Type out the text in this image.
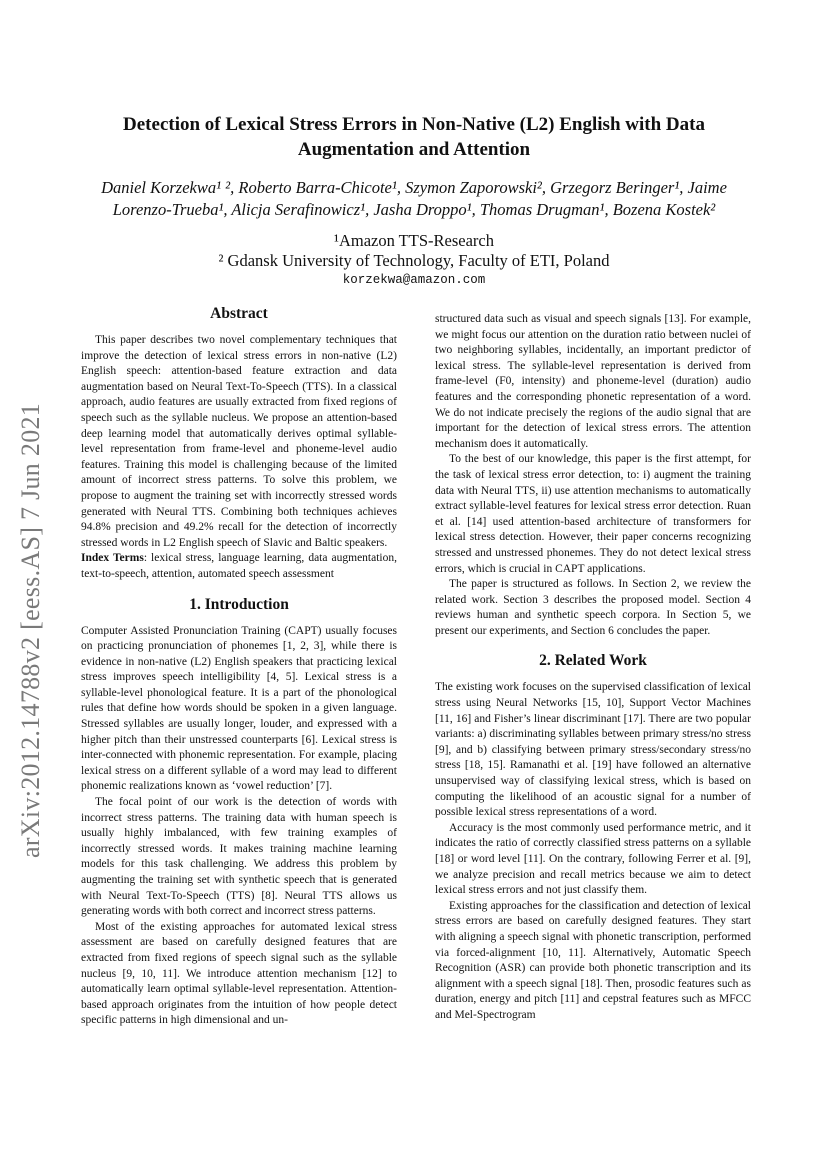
arXiv:2012.14788v2 [eess.AS] 7 Jun 2021
Detection of Lexical Stress Errors in Non-Native (L2) English with Data Augmentation and Attention
Daniel Korzekwa¹ ², Roberto Barra-Chicote¹, Szymon Zaporowski², Grzegorz Beringer¹, Jaime
Lorenzo-Trueba¹, Alicja Serafinowicz¹, Jasha Droppo¹, Thomas Drugman¹, Bozena Kostek²
¹Amazon TTS-Research
² Gdansk University of Technology, Faculty of ETI, Poland
korzekwa@amazon.com
Abstract

This paper describes two novel complementary techniques that improve the detection of lexical stress errors in non-native (L2) English speech: attention-based feature extraction and data augmentation based on Neural Text-To-Speech (TTS). In a classical approach, audio features are usually extracted from fixed regions of speech such as the syllable nucleus. We propose an attention-based deep learning model that automatically derives optimal syllable-level representation from frame-level and phoneme-level audio features. Training this model is challenging because of the limited amount of incorrect stress patterns. To solve this problem, we propose to augment the training set with incorrectly stressed words generated with Neural TTS. Combining both techniques achieves 94.8% precision and 49.2% recall for the detection of incorrectly stressed words in L2 English speech of Slavic and Baltic speakers.

Index Terms: lexical stress, language learning, data augmentation, text-to-speech, attention, automated speech assessment

1. Introduction

Computer Assisted Pronunciation Training (CAPT) usually focuses on practicing pronunciation of phonemes [1, 2, 3], while there is evidence in non-native (L2) English speakers that practicing lexical stress improves speech intelligibility [4, 5]. Lexical stress is a syllable-level phonological feature. It is a part of the phonological rules that define how words should be spoken in a given language. Stressed syllables are usually longer, louder, and expressed with a higher pitch than their unstressed counterparts [6]. Lexical stress is inter-connected with phonemic representation. For example, placing lexical stress on a different syllable of a word may lead to different phonemic realizations known as ‘vowel reduction’ [7].

The focal point of our work is the detection of words with incorrect stress patterns. The training data with human speech is usually highly imbalanced, with few training examples of incorrectly stressed words. It makes training machine learning models for this task challenging. We address this problem by augmenting the training set with synthetic speech that is generated with Neural Text-To-Speech (TTS) [8]. Neural TTS allows us generating words with both correct and incorrect stress patterns.

Most of the existing approaches for automated lexical stress assessment are based on carefully designed features that are extracted from fixed regions of speech signal such as the syllable nucleus [9, 10, 11]. We introduce attention mechanism [12] to automatically learn optimal syllable-level representation. Attention-based approach originates from the intuition of how people detect specific patterns in high dimensional and un-

structured data such as visual and speech signals [13]. For example, we might focus our attention on the duration ratio between nuclei of two neighboring syllables, incidentally, an important predictor of lexical stress. The syllable-level representation is derived from frame-level (F0, intensity) and phoneme-level (duration) audio features and the corresponding phonetic representation of a word. We do not indicate precisely the regions of the audio signal that are important for the detection of lexical stress errors. The attention mechanism does it automatically.

To the best of our knowledge, this paper is the first attempt, for the task of lexical stress error detection, to: i) augment the training data with Neural TTS, ii) use attention mechanisms to automatically extract syllable-level features for lexical stress error detection. Ruan et al. [14] used attention-based architecture of transformers for lexical stress detection. However, their paper concerns recognizing stressed and unstressed phonemes. They do not detect lexical stress errors, which is crucial in CAPT applications.

The paper is structured as follows. In Section 2, we review the related work. Section 3 describes the proposed model. Section 4 reviews human and synthetic speech corpora. In Section 5, we present our experiments, and Section 6 concludes the paper.

2. Related Work

The existing work focuses on the supervised classification of lexical stress using Neural Networks [15, 10], Support Vector Machines [11, 16] and Fisher’s linear discriminant [17]. There are two popular variants: a) discriminating syllables between primary stress/no stress [9], and b) classifying between primary stress/secondary stress/no stress [18, 15]. Ramanathi et al. [19] have followed an alternative unsupervised way of classifying lexical stress, which is based on computing the likelihood of an acoustic signal for a number of possible lexical stress representations of a word.

Accuracy is the most commonly used performance metric, and it indicates the ratio of correctly classified stress patterns on a syllable [18] or word level [11]. On the contrary, following Ferrer et al. [9], we analyze precision and recall metrics because we aim to detect lexical stress errors and not just classify them.

Existing approaches for the classification and detection of lexical stress errors are based on carefully designed features. They start with aligning a speech signal with phonetic transcription, performed via forced-alignment [10, 11]. Alternatively, Automatic Speech Recognition (ASR) can provide both phonetic transcription and its alignment with a speech signal [18]. Then, prosodic features such as duration, energy and pitch [11] and cepstral features such as MFCC and Mel-Spectrogram
